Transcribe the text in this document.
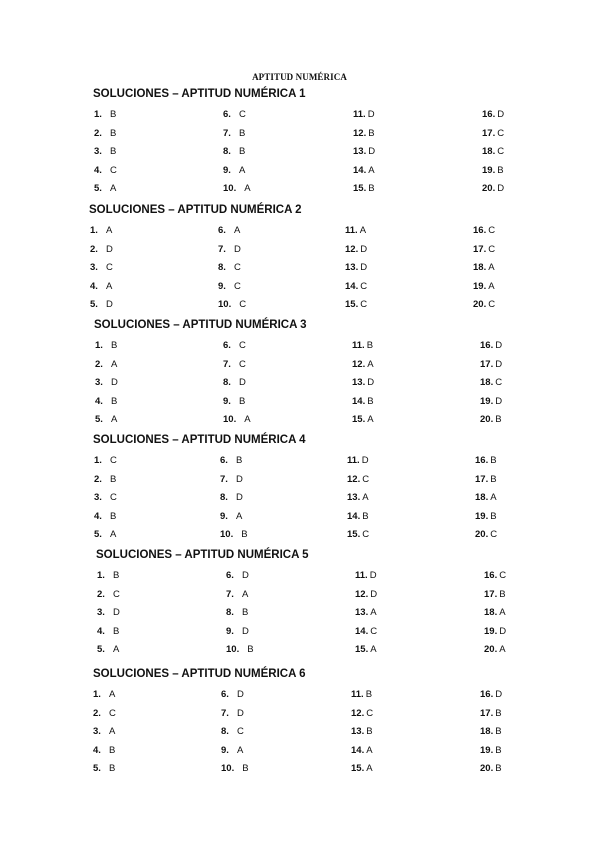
APTITUD NUMÉRICA
SOLUCIONES – APTITUD NUMÉRICA 1
1. B	6. C	11. D	16. D
2. B	7. B	12. B	17. C
3. B	8. B	13. D	18. C
4. C	9. A	14. A	19. B
5. A	10. A	15. B	20. D
SOLUCIONES – APTITUD NUMÉRICA 2
1. A	6. A	11. A	16. C
2. D	7. D	12. D	17. C
3. C	8. C	13. D	18. A
4. A	9. C	14. C	19. A
5. D	10. C	15. C	20. C
SOLUCIONES – APTITUD NUMÉRICA 3
1. B	6. C	11. B	16. D
2. A	7. C	12. A	17. D
3. D	8. D	13. D	18. C
4. B	9. B	14. B	19. D
5. A	10. A	15. A	20. B
SOLUCIONES – APTITUD NUMÉRICA 4
1. C	6. B	11. D	16. B
2. B	7. D	12. C	17. B
3. C	8. D	13. A	18. A
4. B	9. A	14. B	19. B
5. A	10. B	15. C	20. C
SOLUCIONES – APTITUD NUMÉRICA 5
1. B	6. D	11. D	16. C
2. C	7. A	12. D	17. B
3. D	8. B	13. A	18. A
4. B	9. D	14. C	19. D
5. A	10. B	15. A	20. A
SOLUCIONES – APTITUD NUMÉRICA 6
1. A	6. D	11. B	16. D
2. C	7. D	12. C	17. B
3. A	8. C	13. B	18. B
4. B	9. A	14. A	19. B
5. B	10. B	15. A	20. B
